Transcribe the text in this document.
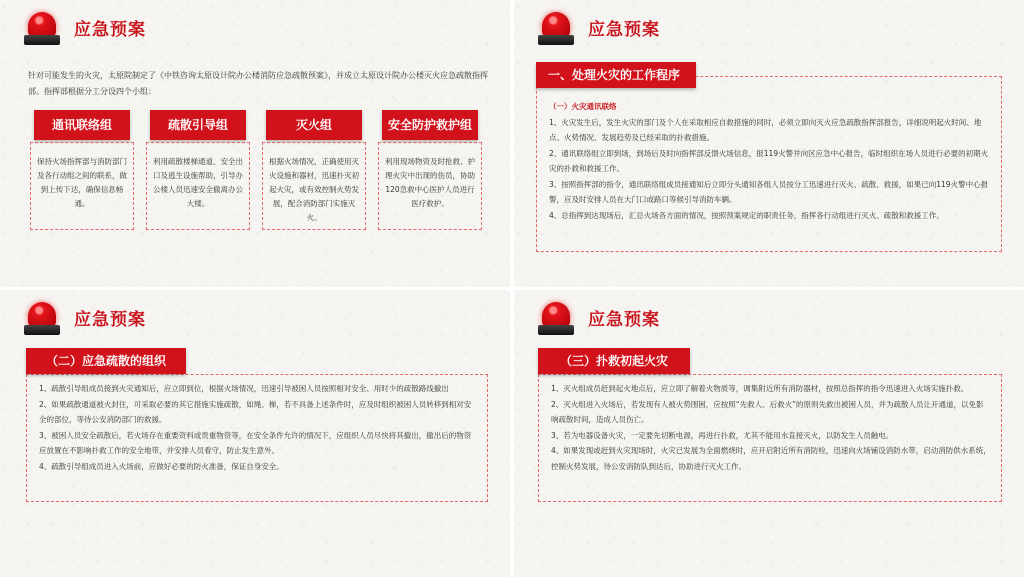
应急预案
针对可能发生的火灾，太原院制定了《中铁咨询太原设计院办公楼消防应急疏散预案》，并成立太原设计院办公楼灭火应急疏散指挥部。指挥部根据分工分设四个小组：
通讯联络组
保持火场指挥部与消防部门及各行动组之间的联系，做到上传下达，确保信息畅通。
疏散引导组
利用疏散楼梯通道、安全出口及逃生设施帮助，引导办公楼人员迅速安全撤离办公大楼。
灭火组
根据火场情况，正确使用灭火设施和器材，迅速扑灭初起火灾，或有效控制火势发展，配合消防部门实施灭火。
安全防护救护组
利用现场物资及时抢救、护理火灾中出现的伤员，协助120急救中心医护人员进行医疗救护。
应急预案
一、处理火灾的工作程序

（一）火灾通讯联络

1、火灾发生后，发生火灾的部门及个人在采取相应自救措施的同时，必须立即向灭火应急疏散指挥部报告，详细说明起火时间、地点、火势情况、发展趋势及已经采取的扑救措施。

2、通讯联络组立即到场，到场后及时向指挥部反馈火场信息，报119火警并向区应急中心报告，临时组织在场人员进行必要的初期火灾的扑救和救援工作。

3、按照指挥部的指令，通讯联络组成员接通知后立即分头通知各组人员按分工迅速进行灭火、疏散、救援，如果已向119火警中心报警，应及时安排人员在大门口或路口等候引导消防车辆。

4、总指挥到达现场后，汇总火场各方面的情况，按照预案规定的职责任务，指挥各行动组进行灭火、疏散和救援工作。

应急预案
（二）应急疏散的组织

1、疏散引导组成员接到火灾通知后，应立即到位，根据火场情况，迅速引导被困人员按照相对安全、用时少的疏散路线撤出

2、如果疏散通道被火封住，可采取必要的其它措施实施疏散，如绳、梯，若不具备上述条件时，应及时组织被困人员转移到相对安全的部位，等待公安消防部门的救援。

3、被困人员安全疏散后，若火场存在重要资料或贵重物资等，在安全条件允许的情况下，应组织人员尽快将其撤出，撤出后的物资应放置在不影响扑救工作的安全地带，并安排人员看守，防止发生意外。

4、疏散引导组成员进入火场前，应做好必要的防火准备，保证自身安全。

应急预案
（三）扑救初起火灾

1、灭火组成员赶到起火地点后，应立即了解着火物质等，调集附近所有消防器材，按照总指挥的指令迅速进入火场实施扑救。

2、灭火组进入火场后，若发现有人被火势围困，应按照“先救人、后救火”的原则先救出被困人员，并为疏散人员让开通道，以免影响疏散时间，造成人员伤亡。

3、若为电器设备火灾，一定要先切断电源，再进行扑救，尤其不能用水直接灭火，以防发生人员触电。

4、如果发现或赶到火灾现场时，火灾已发展为全面燃烧时，应开启附近所有消防栓，迅速向火场铺设消防水带，启动消防供水系统，控制火势发展，待公安消防队到达后，协助进行灭火工作。
